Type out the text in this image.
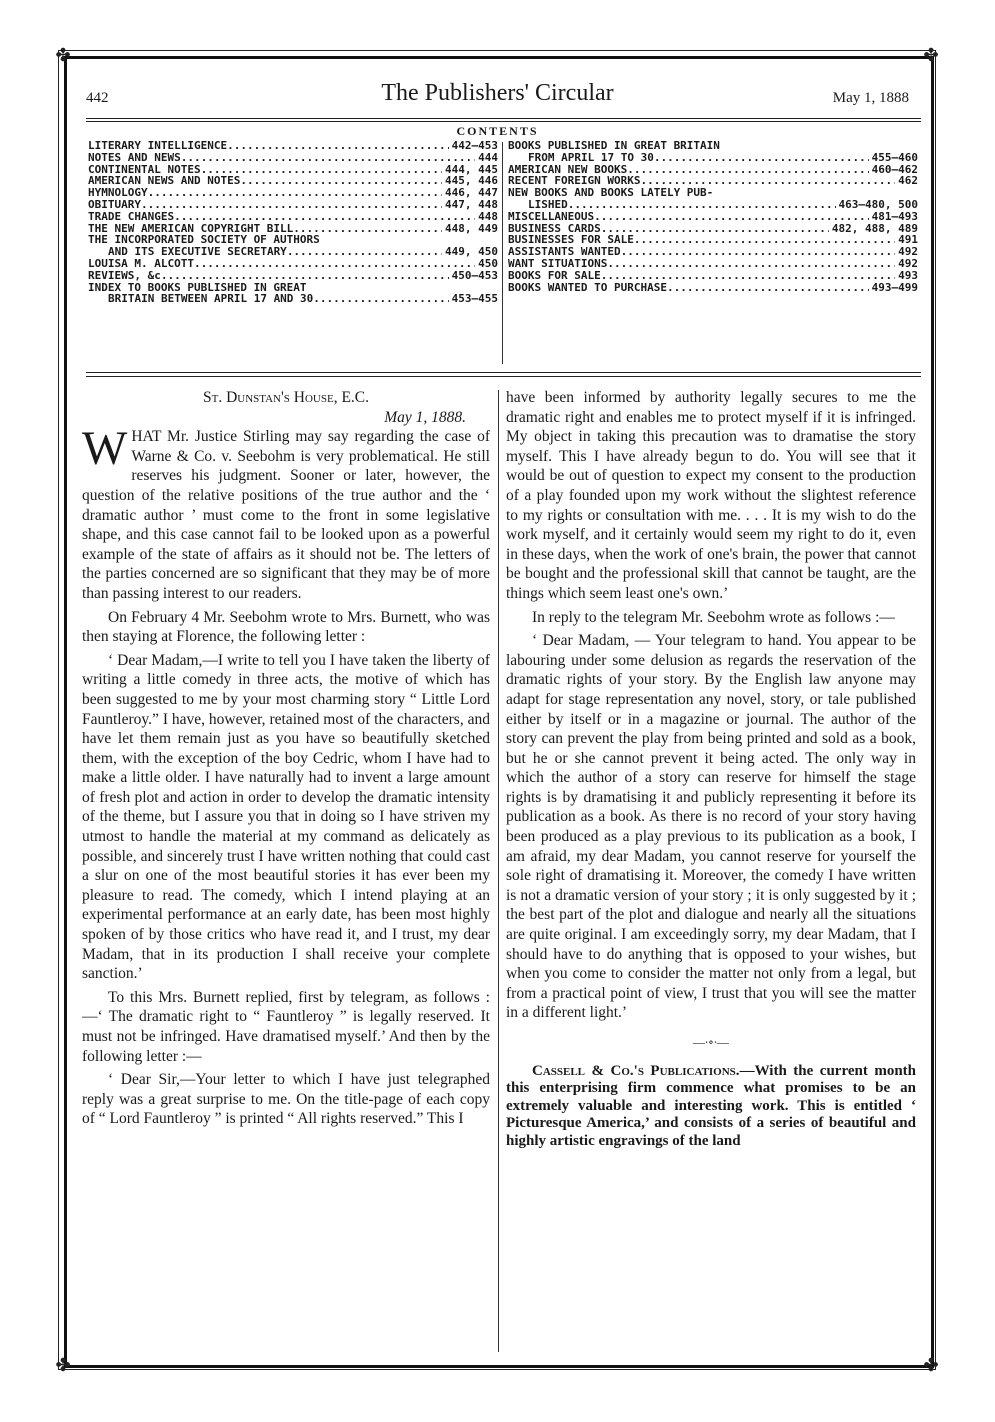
✤	✤
✤	✤
442	The Publishers' Circular	May 1, 1888
CONTENTS
LITERARY INTELLIGENCE .....	442—453
NOTES AND NEWS .....	444
CONTINENTAL NOTES .....	444, 445
AMERICAN NEWS AND NOTES .....	445, 446
HYMNOLOGY .....	446, 447
OBITUARY .....	447, 448
TRADE CHANGES .....	448
THE NEW AMERICAN COPYRIGHT BILL.... .....	448, 449
THE INCORPORATED SOCIETY OF AUTHORS
AND ITS EXECUTIVE SECRETARY .....	449, 450
LOUISA M. ALCOTT .....	450
REVIEWS, &c. .....	450—453
INDEX TO BOOKS PUBLISHED IN GREAT
BRITAIN BETWEEN APRIL 17 AND 30.... .....	453—455
BOOKS PUBLISHED IN GREAT BRITAIN
FROM APRIL 17 TO 30 .....	455—460
AMERICAN NEW BOOKS .....	460—462
RECENT FOREIGN WORKS .....	462
NEW BOOKS AND BOOKS LATELY PUB-
LISHED .....	463—480, 500
MISCELLANEOUS .....	481—493
BUSINESS CARDS .....	482, 488, 489
BUSINESSES FOR SALE .....	491
ASSISTANTS WANTED .....	492
WANT SITUATIONS .....	492
BOOKS FOR SALE .....	493
BOOKS WANTED TO PURCHASE .....	493—499

St. Dunstan's House, E.C.

May 1, 1888.

WHAT Mr. Justice Stirling may say regarding the case of Warne & Co. v. Seebohm is very problematical. He still reserves his judgment. Sooner or later, however, the question of the relative positions of the true author and the ‘ dramatic author ’ must come to the front in some legislative shape, and this case cannot fail to be looked upon as a powerful example of the state of affairs as it should not be. The letters of the parties concerned are so significant that they may be of more than passing interest to our readers.

On February 4 Mr. Seebohm wrote to Mrs. Burnett, who was then staying at Florence, the following letter :

‘ Dear Madam,—I write to tell you I have taken the liberty of writing a little comedy in three acts, the motive of which has been suggested to me by your most charming story “ Little Lord Fauntleroy.” I have, however, retained most of the characters, and have let them remain just as you have so beautifully sketched them, with the exception of the boy Cedric, whom I have had to make a little older. I have naturally had to invent a large amount of fresh plot and action in order to develop the dramatic intensity of the theme, but I assure you that in doing so I have striven my utmost to handle the material at my command as delicately as possible, and sincerely trust I have written nothing that could cast a slur on one of the most beautiful stories it has ever been my pleasure to read. The comedy, which I intend playing at an experimental performance at an early date, has been most highly spoken of by those critics who have read it, and I trust, my dear Madam, that in its production I shall receive your complete sanction.’

To this Mrs. Burnett replied, first by telegram, as follows :—‘ The dramatic right to “ Fauntleroy ” is legally reserved. It must not be infringed. Have dramatised myself.’ And then by the following letter :—

‘ Dear Sir,—Your letter to which I have just telegraphed reply was a great surprise to me. On the title-page of each copy of “ Lord Fauntleroy ” is printed “ All rights reserved.” This I

have been informed by authority legally secures to me the dramatic right and enables me to protect myself if it is infringed. My object in taking this precaution was to dramatise the story myself. This I have already begun to do. You will see that it would be out of question to expect my consent to the production of a play founded upon my work without the slightest reference to my rights or consultation with me. . . . It is my wish to do the work myself, and it certainly would seem my right to do it, even in these days, when the work of one's brain, the power that cannot be bought and the professional skill that cannot be taught, are the things which seem least one's own.’

In reply to the telegram Mr. Seebohm wrote as follows :—

‘ Dear Madam, — Your telegram to hand. You appear to be labouring under some delusion as regards the reservation of the dramatic rights of your story. By the English law anyone may adapt for stage representation any novel, story, or tale published either by itself or in a magazine or journal. The author of the story can prevent the play from being printed and sold as a book, but he or she cannot prevent it being acted. The only way in which the author of a story can reserve for himself the stage rights is by dramatising it and publicly representing it before its publication as a book. As there is no record of your story having been produced as a play previous to its publication as a book, I am afraid, my dear Madam, you cannot reserve for yourself the sole right of dramatising it. Moreover, the comedy I have written is not a dramatic version of your story ; it is only suggested by it ; the best part of the plot and dialogue and nearly all the situations are quite original. I am exceedingly sorry, my dear Madam, that I should have to do anything that is opposed to your wishes, but when you come to consider the matter not only from a legal, but from a practical point of view, I trust that you will see the matter in a different light.’

—∙∘∙—

Cassell & Co.'s Publications.—With the current month this enterprising firm commence what promises to be an extremely valuable and interesting work. This is entitled ‘ Picturesque America,’ and consists of a series of beautiful and highly artistic engravings of the land
